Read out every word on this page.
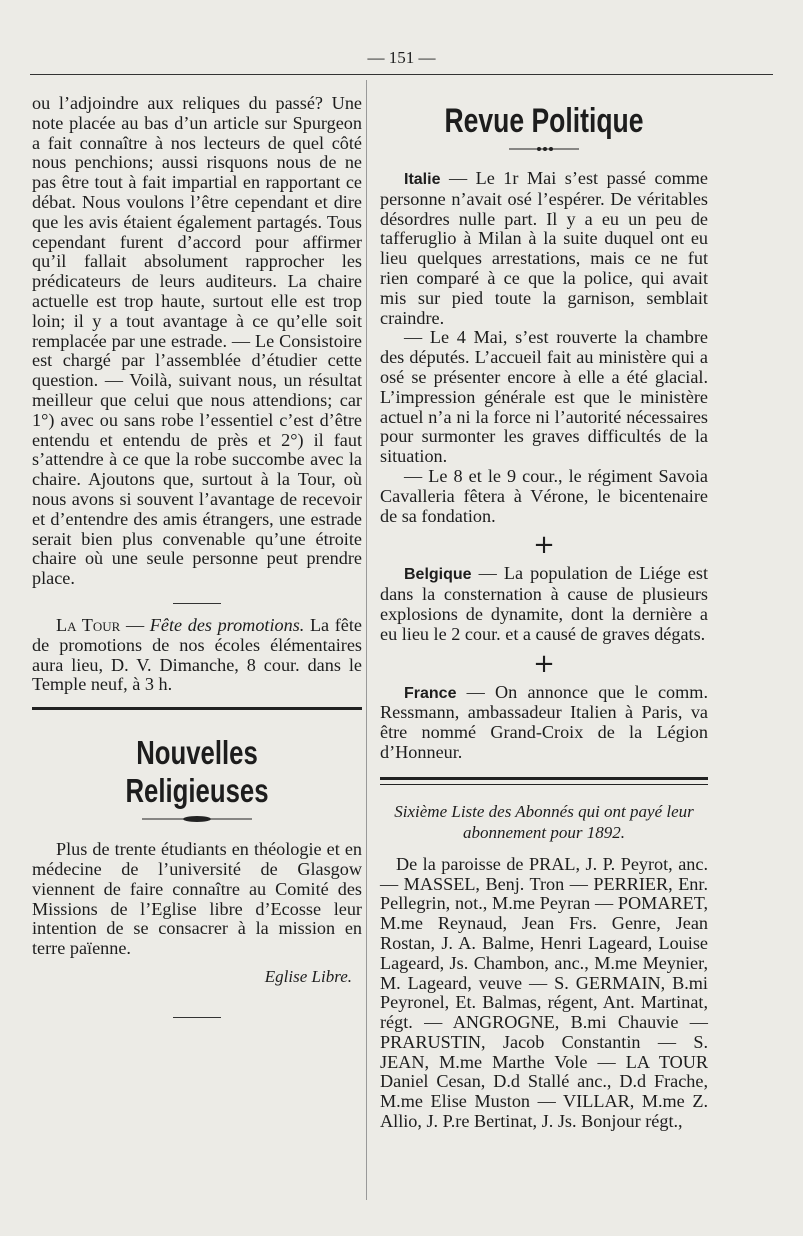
— 151 —

ou l’adjoindre aux reliques du passé? Une note placée au bas d’un article sur Spurgeon a fait connaître à nos lecteurs de quel côté nous penchions; aussi risquons nous de ne pas être tout à fait impartial en rapportant ce débat. Nous voulons l’être cependant et dire que les avis étaient également partagés. Tous cependant furent d’accord pour affirmer qu’il fallait absolument rapprocher les prédicateurs de leurs auditeurs. La chaire actuelle est trop haute, surtout elle est trop loin; il y a tout avantage à ce qu’elle soit remplacée par une estrade. — Le Consistoire est chargé par l’assemblée d’étudier cette question. — Voilà, suivant nous, un résultat meilleur que celui que nous attendions; car 1°) avec ou sans robe l’essentiel c’est d’être entendu et entendu de près et 2°) il faut s’attendre à ce que la robe succombe avec la chaire. Ajoutons que, surtout à la Tour, où nous avons si souvent l’avantage de recevoir et d’entendre des amis étrangers, une estrade serait bien plus convenable qu’une étroite chaire où une seule personne peut prendre place.

La Tour — Fête des promotions. La fête de promotions de nos écoles élémentaires aura lieu, D. V. Dimanche, 8 cour. dans le Temple neuf, à 3 h.

Nouvelles Religieuses

Plus de trente étudiants en théologie et en médecine de l’université de Glasgow viennent de faire connaître au Comité des Missions de l’Eglise libre d’Ecosse leur intention de se consacrer à la mission en terre païenne.

Eglise Libre.
Revue Politique

Italie — Le 1r Mai s’est passé comme personne n’avait osé l’espérer. De véritables désordres nulle part. Il y a eu un peu de tafferuglio à Milan à la suite duquel ont eu lieu quelques arrestations, mais ce ne fut rien comparé à ce que la police, qui avait mis sur pied toute la garnison, semblait craindre.

— Le 4 Mai, s’est rouverte la chambre des députés. L’accueil fait au ministère qui a osé se présenter encore à elle a été glacial. L’impression générale est que le ministère actuel n’a ni la force ni l’autorité nécessaires pour surmonter les graves difficultés de la situation.

— Le 8 et le 9 cour., le régiment Savoia Cavalleria fêtera à Vérone, le bicentenaire de sa fondation.

+

Belgique — La population de Liége est dans la consternation à cause de plusieurs explosions de dynamite, dont la dernière a eu lieu le 2 cour. et a causé de graves dégats.

+

France — On annonce que le comm. Ressmann, ambassadeur Italien à Paris, va être nommé Grand-Croix de la Légion d’Honneur.

Sixième Liste des Abonnés qui ont payé leur abonnement pour 1892.

De la paroisse de PRAL, J. P. Peyrot, anc. — MASSEL, Benj. Tron — PERRIER, Enr. Pellegrin, not., M.me Peyran — POMARET, M.me Reynaud, Jean Frs. Genre, Jean Rostan, J. A. Balme, Henri Lageard, Louise Lageard, Js. Chambon, anc., M.me Meynier, M. Lageard, veuve — S. GERMAIN, B.mi Peyronel, Et. Balmas, régent, Ant. Martinat, régt. — ANGROGNE, B.mi Chauvie — PRARUSTIN, Jacob Constantin — S. JEAN, M.me Marthe Vole — LA TOUR Daniel Cesan, D.d Stallé anc., D.d Frache, M.me Elise Muston — VILLAR, M.me Z. Allio, J. P.re Bertinat, J. Js. Bonjour régt.,
